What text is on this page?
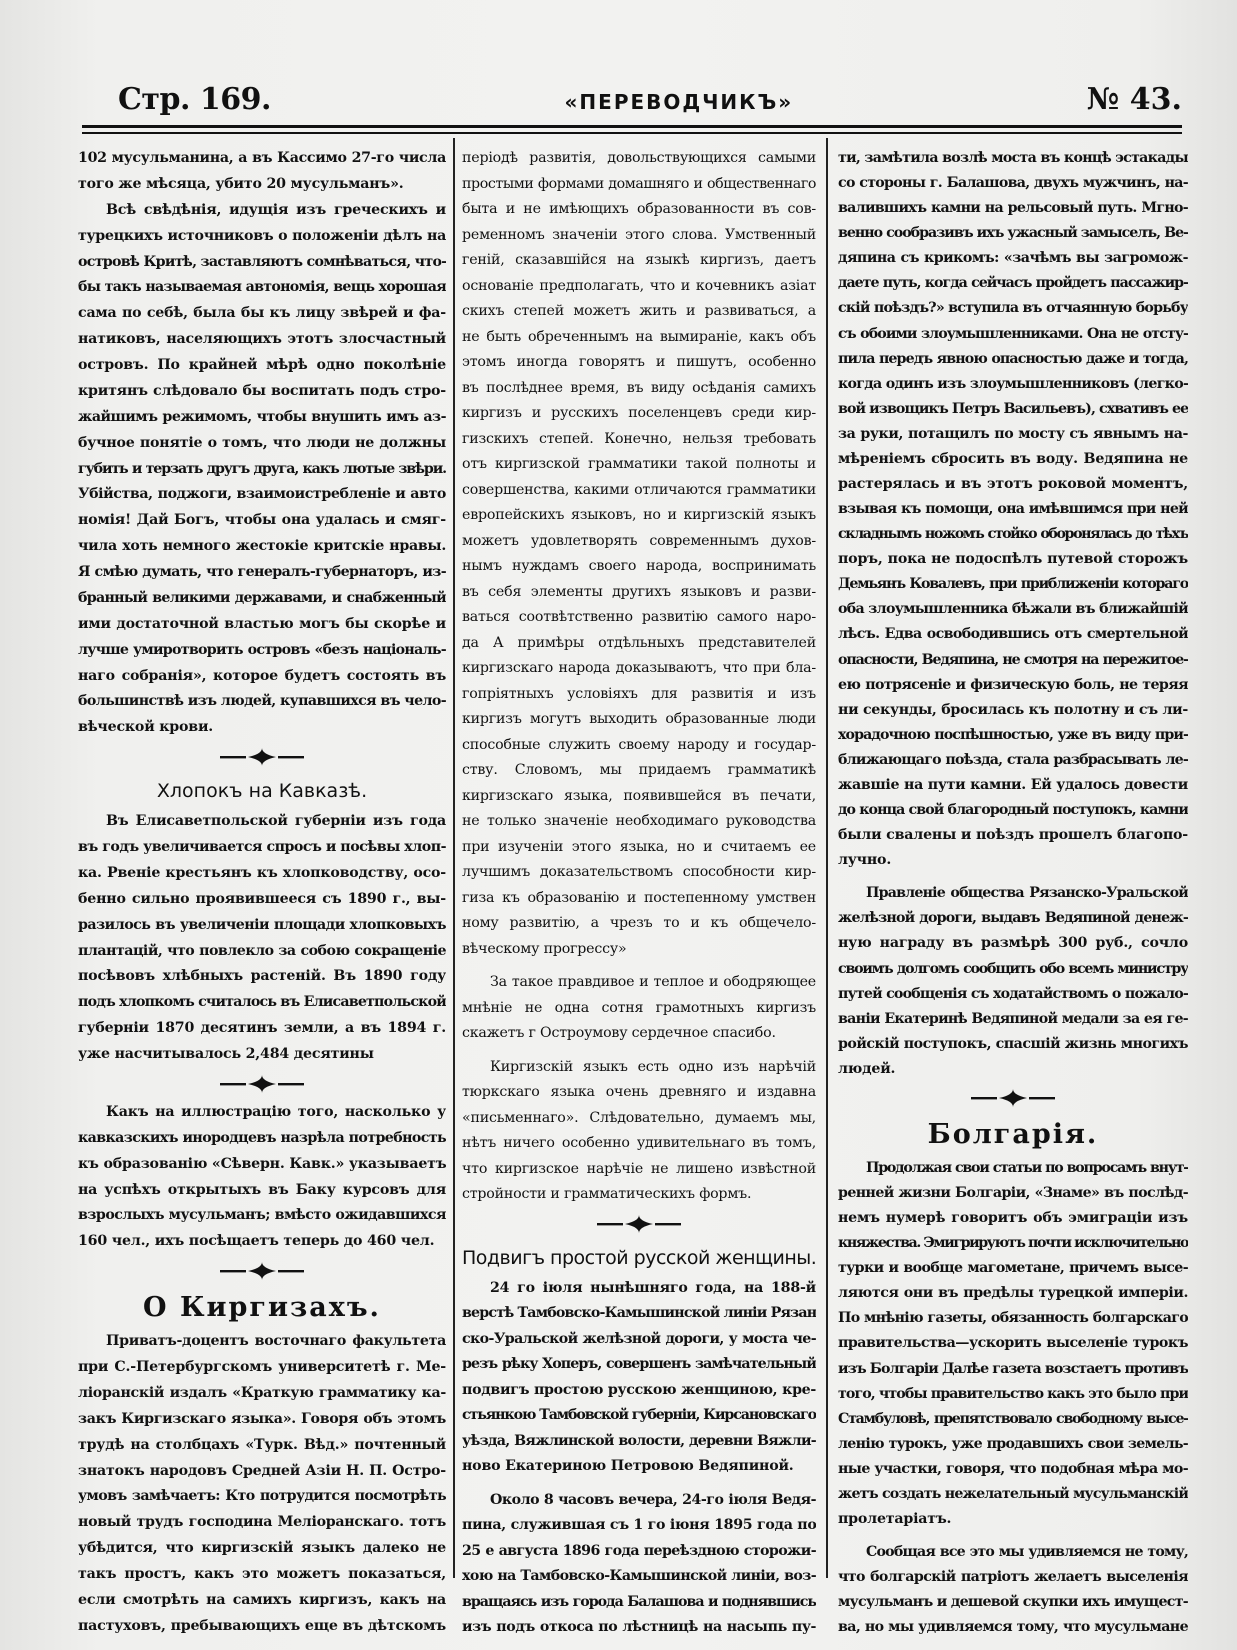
Стр. 169.	«ПЕРЕВОДЧИКЪ»	№ 43.
102 мусульманина, а въ Кассимо 27-го числа
того же мѣсяца, убито 20 мусульманъ».
Всѣ свѣдѣнія, идущія изъ греческихъ и
турецкихъ источниковъ о положеніи дѣлъ на
островѣ Критѣ, заставляютъ сомнѣваться, что-
бы такъ называемая автономія, вещь хорошая
сама по себѣ, была бы къ лицу звѣрей и фа-
натиковъ, населяющихъ этотъ злосчастный
островъ. По крайней мѣрѣ одно поколѣніе
критянъ слѣдовало бы воспитать подъ стро-
жайшимъ режимомъ, чтобы внушить имъ аз-
бучное понятіе о томъ, что люди не должны
губить и терзать другъ друга, какъ лютые звѣри.
Убійства, поджоги, взаимоистребленіе и авто
номія! Дай Богъ, чтобы она удалась и смяг-
чила хоть немного жестокіе критскіе нравы.
Я смѣю думать, что генералъ-губернаторъ, из-
бранный великими державами, и снабженный
ими достаточной властью могъ бы скорѣе и
лучше умиротворить островъ «безъ національ-
наго собранія», которое будетъ состоять въ
большинствѣ изъ людей, купавшихся въ чело-
вѣческой крови.
Хлопокъ на Кавказѣ.
Въ Елисаветпольской губерніи изъ года
въ годъ увеличивается спросъ и посѣвы хлоп-
ка. Рвеніе крестьянъ къ хлопководству, осо-
бенно сильно проявившееся съ 1890 г., вы-
разилось въ увеличеніи площади хлопковыхъ
плантацій, что повлекло за собою сокращеніе
посѣвовъ хлѣбныхъ растеній. Въ 1890 году
подъ хлопкомъ считалось въ Елисаветпольской
губерніи 1870 десятинъ земли, а въ 1894 г.
уже насчитывалось 2,484 десятины
Какъ на иллюстрацію того, насколько у
кавказскихъ инородцевъ назрѣла потребность
къ образованію «Сѣверн. Кавк.» указываетъ
на успѣхъ открытыхъ въ Баку курсовъ для
взрослыхъ мусульманъ; вмѣсто ожидавшихся
160 чел., ихъ посѣщаетъ теперь до 460 чел.
О Киргизахъ.
Приватъ-доцентъ восточнаго факультета
при С.-Петербургскомъ университетѣ г. Ме-
ліоранскій издалъ «Краткую грамматику ка-
закъ Киргизскаго языка». Говоря объ этомъ
трудѣ на столбцахъ «Турк. Вѣд.» почтенный
знатокъ народовъ Средней Азіи Н. П. Остро-
умовъ замѣчаетъ: Кто потрудится посмотрѣть
новый трудъ господина Меліоранскаго. тотъ
убѣдится, что киргизскій языкъ далеко не
такъ простъ, какъ это можетъ показаться,
если смотрѣть на самихъ киргизъ, какъ на
пастуховъ, пребывающихъ еще въ дѣтскомъ
періодѣ развитія, довольствующихся самыми
простыми формами домашняго и общественнаго
быта и не имѣющихъ образованности въ сов-
ременномъ значеніи этого слова. Умственный
геній, сказавшійся на языкѣ киргизъ, даетъ
основаніе предполагать, что и кочевникъ азіат
скихъ степей можетъ жить и развиваться, а
не быть обреченнымъ на вымираніе, какъ объ
этомъ иногда говорятъ и пишутъ, особенно
въ послѣднее время, въ виду осѣданія самихъ
киргизъ и русскихъ поселенцевъ среди кир-
гизскихъ степей. Конечно, нельзя требовать
отъ киргизской грамматики такой полноты и
совершенства, какими отличаются грамматики
европейскихъ языковъ, но и киргизскій языкъ
можетъ удовлетворять современнымъ духов-
нымъ нуждамъ своего народа, воспринимать
въ себя элементы другихъ языковъ и разви-
ваться соотвѣтственно развитію самого наро-
да А примѣры отдѣльныхъ представителей
киргизскаго народа доказываютъ, что при бла-
гопріятныхъ условіяхъ для развитія и изъ
киргизъ могутъ выходить образованные люди
способные служить своему народу и государ-
ству. Словомъ, мы придаемъ грамматикѣ
киргизскаго языка, появившейся въ печати,
не только значеніе необходимаго руководства
при изученіи этого языка, но и считаемъ ее
лучшимъ доказательствомъ способности кир-
гиза къ образованію и постепенному умствен
ному развитію, а чрезъ то и къ общечело-
вѣческому прогрессу»
За такое правдивое и теплое и ободряющее
мнѣніе не одна сотня грамотныхъ киргизъ
скажетъ г Остроумову сердечное спасибо.
Киргизскій языкъ есть одно изъ нарѣчій
тюркскаго языка очень древняго и издавна
«письменнаго». Слѣдовательно, думаемъ мы,
нѣтъ ничего особенно удивительнаго въ томъ,
что киргизское нарѣчіе не лишено извѣстной
стройности и грамматическихъ формъ.
Подвигъ простой русской женщины.
24 го іюля нынѣшняго года, на 188-й
верстѣ Тамбовско-Камышинской линіи Рязан
ско-Уральской желѣзной дороги, у моста че-
резъ рѣку Хоперъ, совершенъ замѣчательный
подвигъ простою русскою женщиною, кре-
стьянкою Тамбовской губерніи, Кирсановскаго
уѣзда, Вяжлинской волости, деревни Вяжли-
ново Екатериною Петровою Ведяпиной.
Около 8 часовъ вечера, 24-го іюля Ведя-
пина, служившая съ 1 го іюня 1895 года по
25 е августа 1896 года переѣздною сторожи-
хою на Тамбовско-Камышинской линіи, воз-
вращаясь изъ города Балашова и поднявшись
изъ подъ откоса по лѣстницѣ на насыпь пу-
ти, замѣтила возлѣ моста въ концѣ эстакады
со стороны г. Балашова, двухъ мужчинъ, на-
валившихъ камни на рельсовый путь. Мгно-
венно сообразивъ ихъ ужасный замыселъ, Ве-
дяпина съ крикомъ: «зачѣмъ вы загромож-
даете путь, когда сейчасъ пройдетъ пассажир-
скій поѣздъ?» вступила въ отчаянную борьбу
съ обоими злоумышленниками. Она не отсту-
пила передъ явною опасностью даже и тогда,
когда одинъ изъ злоумышленниковъ (легко-
вой извощикъ Петръ Васильевъ), схвативъ ее
за руки, потащилъ по мосту съ явнымъ на-
мѣреніемъ сбросить въ воду. Ведяпина не
растерялась и въ этотъ роковой моментъ,
взывая къ помощи, она имѣвшимся при ней
складнымъ ножомъ стойко оборонялась до тѣхъ
поръ, пока не подоспѣлъ путевой сторожъ
Демьянъ Ковалевъ, при приближеніи котораго
оба злоумышленника бѣжали въ ближайшій
лѣсъ. Едва освободившись отъ смертельной
опасности, Ведяпина, не смотря на пережитое-
ею потрясеніе и физическую боль, не теряя
ни секунды, бросилась къ полотну и съ ли-
хорадочною поспѣшностью, уже въ виду при-
ближающаго поѣзда, стала разбрасывать ле-
жавшіе на пути камни. Ей удалось довести
до конца свой благородный поступокъ, камни
были свалены и поѣздъ прошелъ благопо-
лучно.
Правленіе общества Рязанско-Уральской
желѣзной дороги, выдавъ Ведяпиной денеж-
ную награду въ размѣрѣ 300 руб., сочло
своимъ долгомъ сообщить обо всемъ министру
путей сообщенія съ ходатайствомъ о пожало-
ваніи Екатеринѣ Ведяпиной медали за ея ге-
ройскій поступокъ, спасшій жизнь многихъ
людей.
Болгарія.
Продолжая свои статьи по вопросамъ внут-
ренней жизни Болгаріи, «Знаме» въ послѣд-
немъ нумерѣ говоритъ объ эмиграціи изъ
княжества. Эмигрируютъ почти исключительно
турки и вообще магометане, причемъ высе-
ляются они въ предѣлы турецкой имперіи.
По мнѣнію газеты, обязанность болгарскаго
правительства—ускорить выселеніе турокъ
изъ Болгаріи Далѣе газета возстаетъ противъ
того, чтобы правительство какъ это было при
Стамбуловѣ, препятствовало свободному высе-
ленію турокъ, уже продавшихъ свои земель-
ные участки, говоря, что подобная мѣра мо-
жетъ создать нежелательный мусульманскій
пролетаріатъ.
Сообщая все это мы удивляемся не тому,
что болгарскій патріотъ желаетъ выселенія
мусульманъ и дешевой скупки ихъ имущест-
ва, но мы удивляемся тому, что мусульмане
